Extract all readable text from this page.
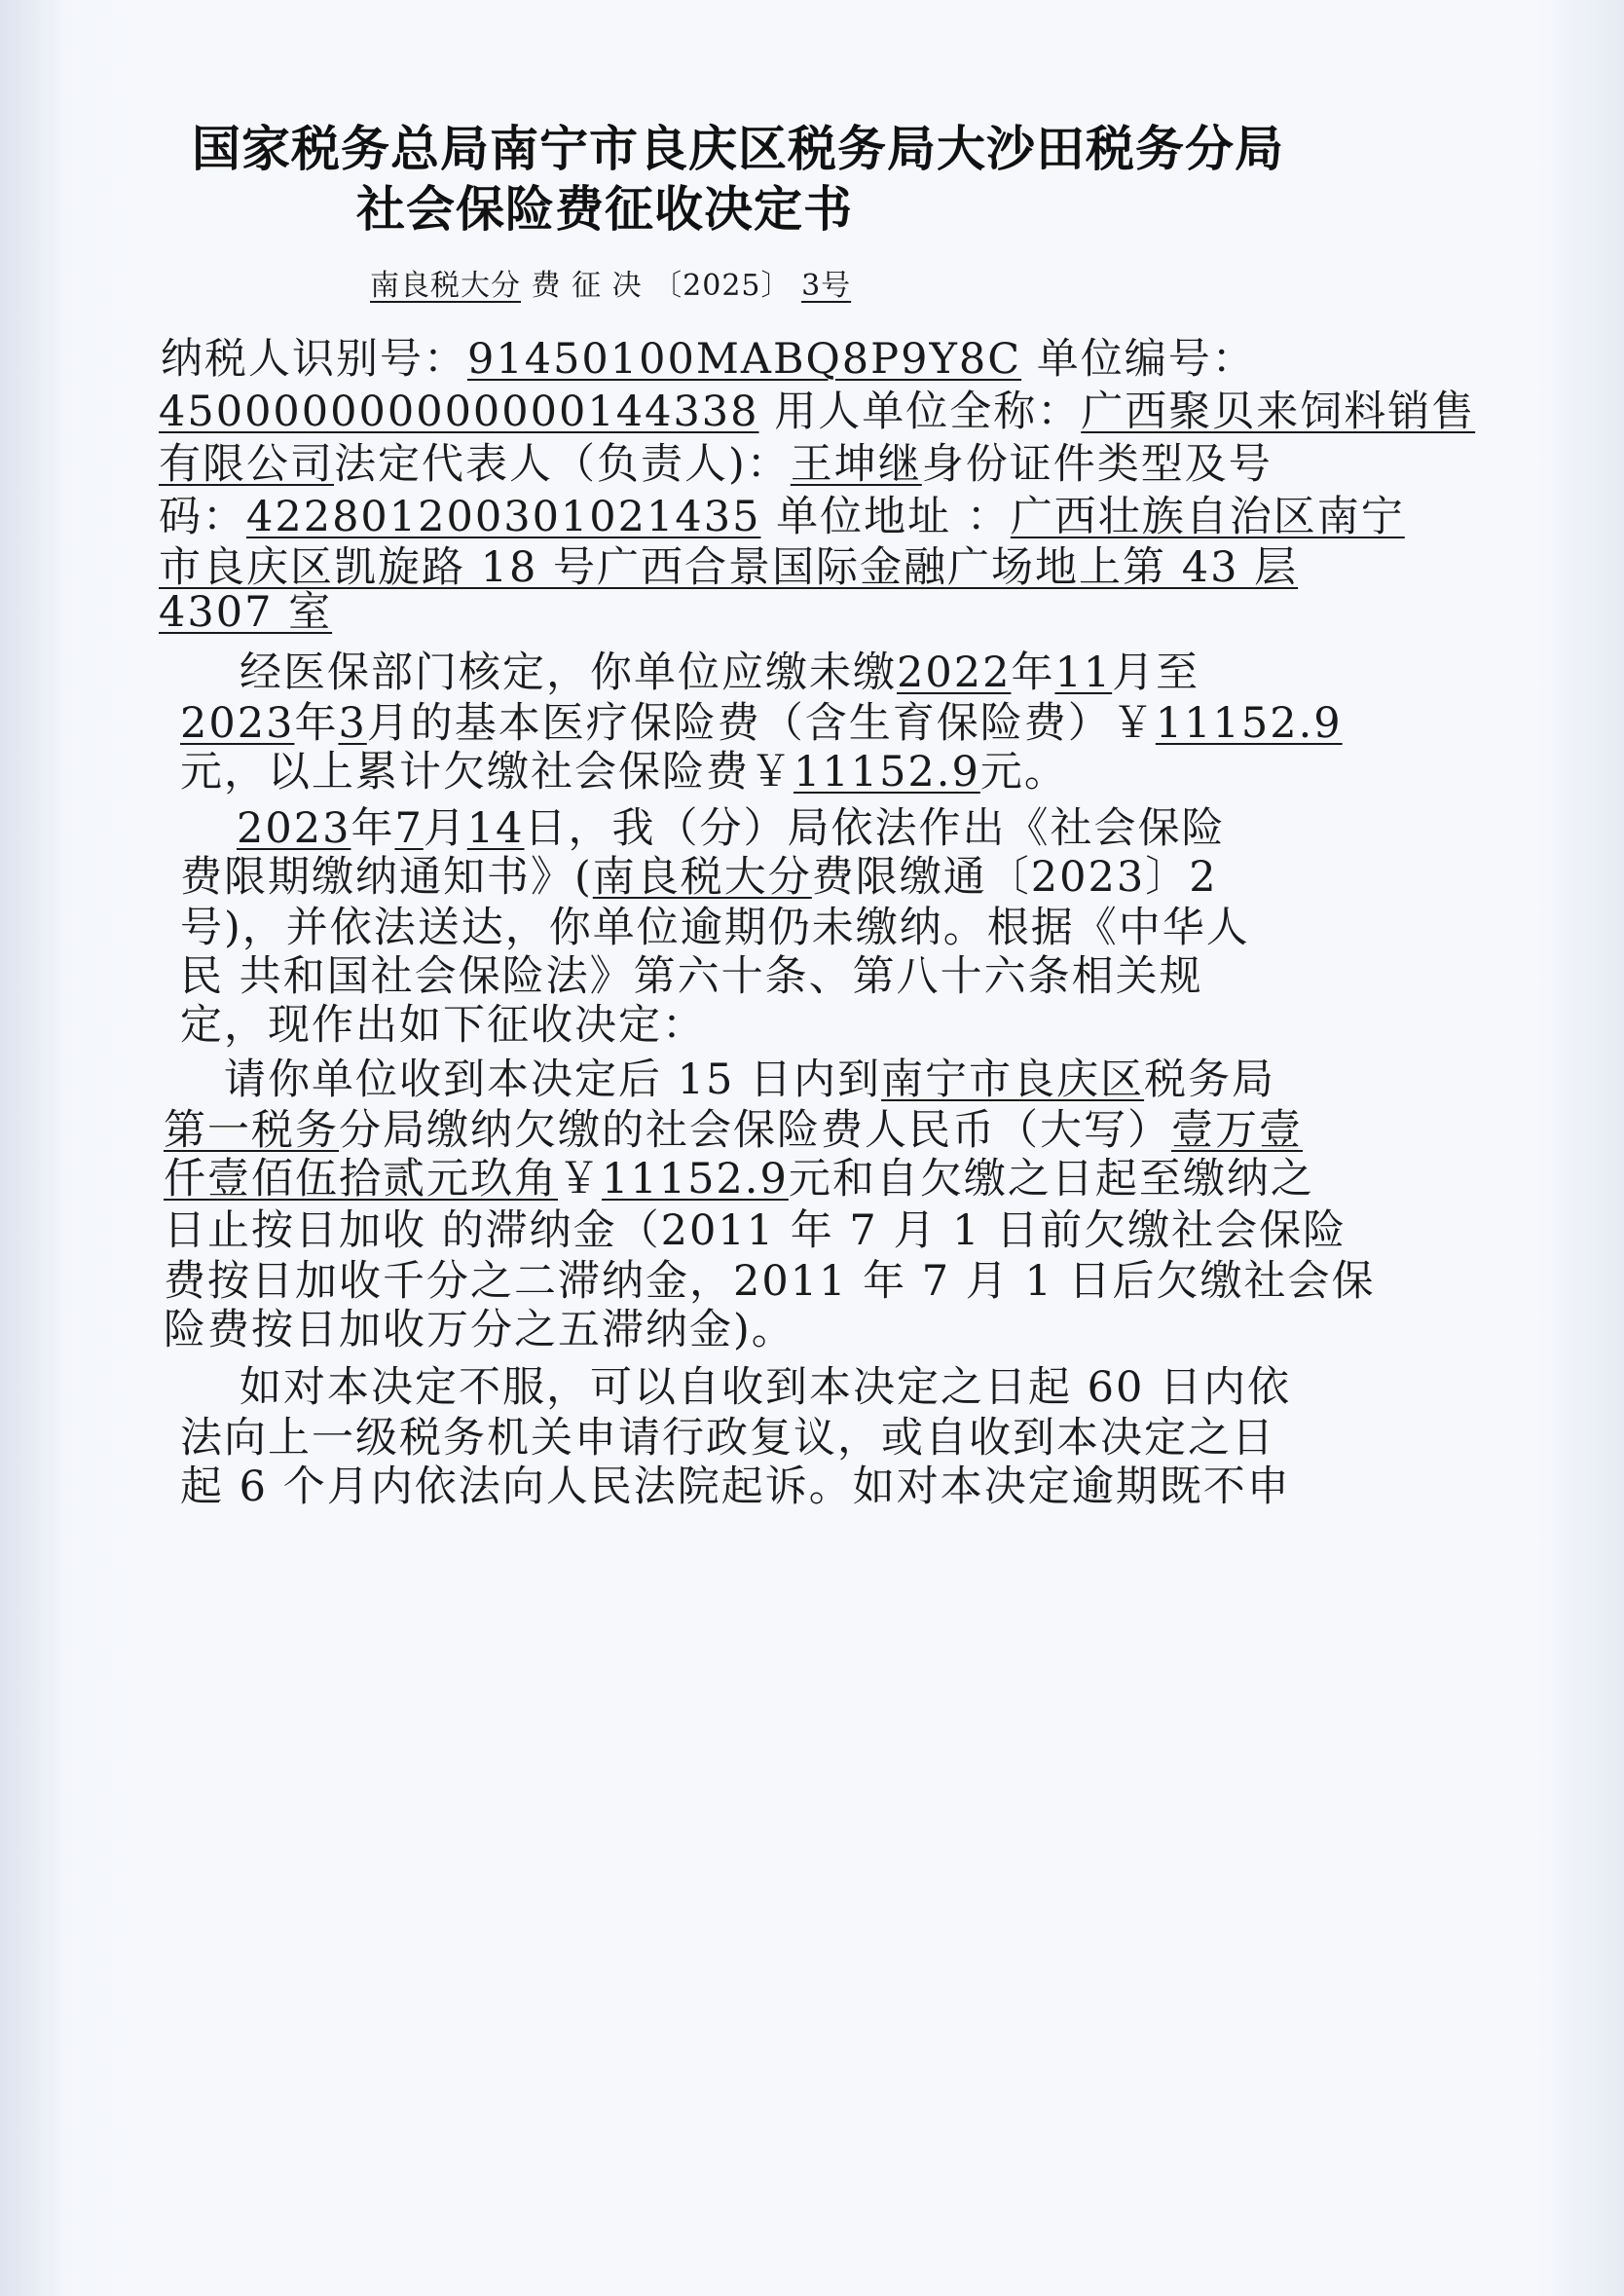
国家税务总局南宁市良庆区税务局大沙田税务分局
社会保险费征收决定书
南良税大分 费 征 决 〔2025〕 3号
纳税人识别号：91450100MABQ8P9Y8C 单位编号：
450000000000000144338 用人单位全称：广西聚贝来饲料销售
有限公司法定代表人（负责人)：王坤继身份证件类型及号
码：422801200301021435 单位地址 ：广西壮族自治区南宁
市良庆区凯旋路 18 号广西合景国际金融广场地上第 43 层
4307 室
经医保部门核定，你单位应缴未缴2022年11月至
2023年3月的基本医疗保险费（含生育保险费）￥11152.9
元，以上累计欠缴社会保险费￥11152.9元。
2023年7月14日，我（分）局依法作出《社会保险
费限期缴纳通知书》(南良税大分费限缴通〔2023〕2
号)，并依法送达，你单位逾期仍未缴纳。根据《中华人
民 共和国社会保险法》第六十条、第八十六条相关规
定，现作出如下征收决定：
请你单位收到本决定后 15 日内到南宁市良庆区税务局
第一税务分局缴纳欠缴的社会保险费人民币（大写）壹万壹
仟壹佰伍拾贰元玖角￥11152.9元和自欠缴之日起至缴纳之
日止按日加收 的滞纳金（2011 年 7 月 1 日前欠缴社会保险
费按日加收千分之二滞纳金，2011 年 7 月 1 日后欠缴社会保
险费按日加收万分之五滞纳金)。
如对本决定不服，可以自收到本决定之日起 60 日内依
法向上一级税务机关申请行政复议，或自收到本决定之日
起 6 个月内依法向人民法院起诉。如对本决定逾期既不申
